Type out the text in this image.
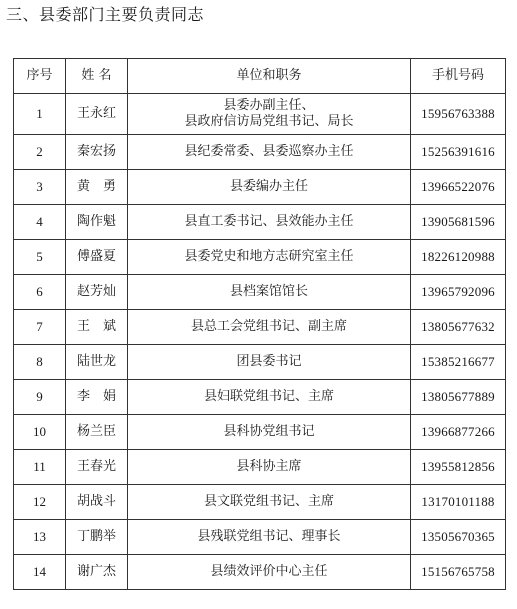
三、县委部门主要负责同志
序号	姓 名	单位和职务	手机号码
1	王永红	县委办副主任、
县政府信访局党组书记、局长	15956763388
2	秦宏扬	县纪委常委、县委巡察办主任	15256391616
3	黄　勇	县委编办主任	13966522076
4	陶作魁	县直工委书记、县效能办主任	13905681596
5	傅盛夏	县委党史和地方志研究室主任	18226120988
6	赵芳灿	县档案馆馆长	13965792096
7	王　斌	县总工会党组书记、副主席	13805677632
8	陆世龙	团县委书记	15385216677
9	李　娟	县妇联党组书记、主席	13805677889
10	杨兰臣	县科协党组书记	13966877266
11	王春光	县科协主席	13955812856
12	胡战斗	县文联党组书记、主席	13170101188
13	丁鹏举	县残联党组书记、理事长	13505670365
14	谢广杰	县绩效评价中心主任	15156765758
